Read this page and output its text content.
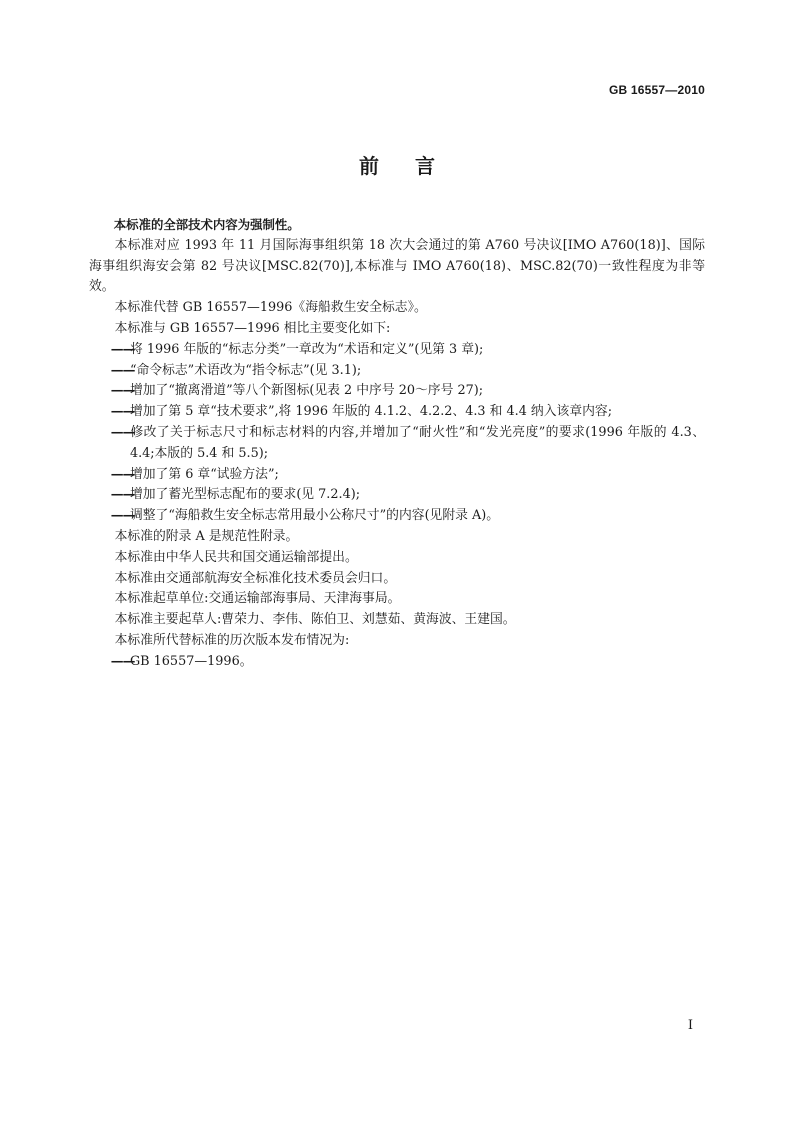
GB 16557—2010
前言

本标准的全部技术内容为强制性。

本标准对应 1993 年 11 月国际海事组织第 18 次大会通过的第 A760 号决议[IMO A760(18)]、国际海事组织海安会第 82 号决议[MSC.82(70)],本标准与 IMO A760(18)、MSC.82(70)一致性程度为非等效。

本标准代替 GB 16557—1996《海船救生安全标志》。

本标准与 GB 16557—1996 相比主要变化如下:

——将 1996 年版的“标志分类”一章改为“术语和定义”(见第 3 章);

——“命令标志”术语改为“指令标志”(见 3.1);

——增加了“撤离滑道”等八个新图标(见表 2 中序号 20～序号 27);

——增加了第 5 章“技术要求”,将 1996 年版的 4.1.2、4.2.2、4.3 和 4.4 纳入该章内容;

——修改了关于标志尺寸和标志材料的内容,并增加了“耐火性”和“发光亮度”的要求(1996 年版的 4.3、4.4;本版的 5.4 和 5.5);

——增加了第 6 章“试验方法”;

——增加了蓄光型标志配布的要求(见 7.2.4);

——调整了“海船救生安全标志常用最小公称尺寸”的内容(见附录 A)。

本标准的附录 A 是规范性附录。

本标准由中华人民共和国交通运输部提出。

本标准由交通部航海安全标准化技术委员会归口。

本标准起草单位:交通运输部海事局、天津海事局。

本标准主要起草人:曹荣力、李伟、陈伯卫、刘慧茹、黄海波、王建国。

本标准所代替标准的历次版本发布情况为:

——GB 16557—1996。

I
